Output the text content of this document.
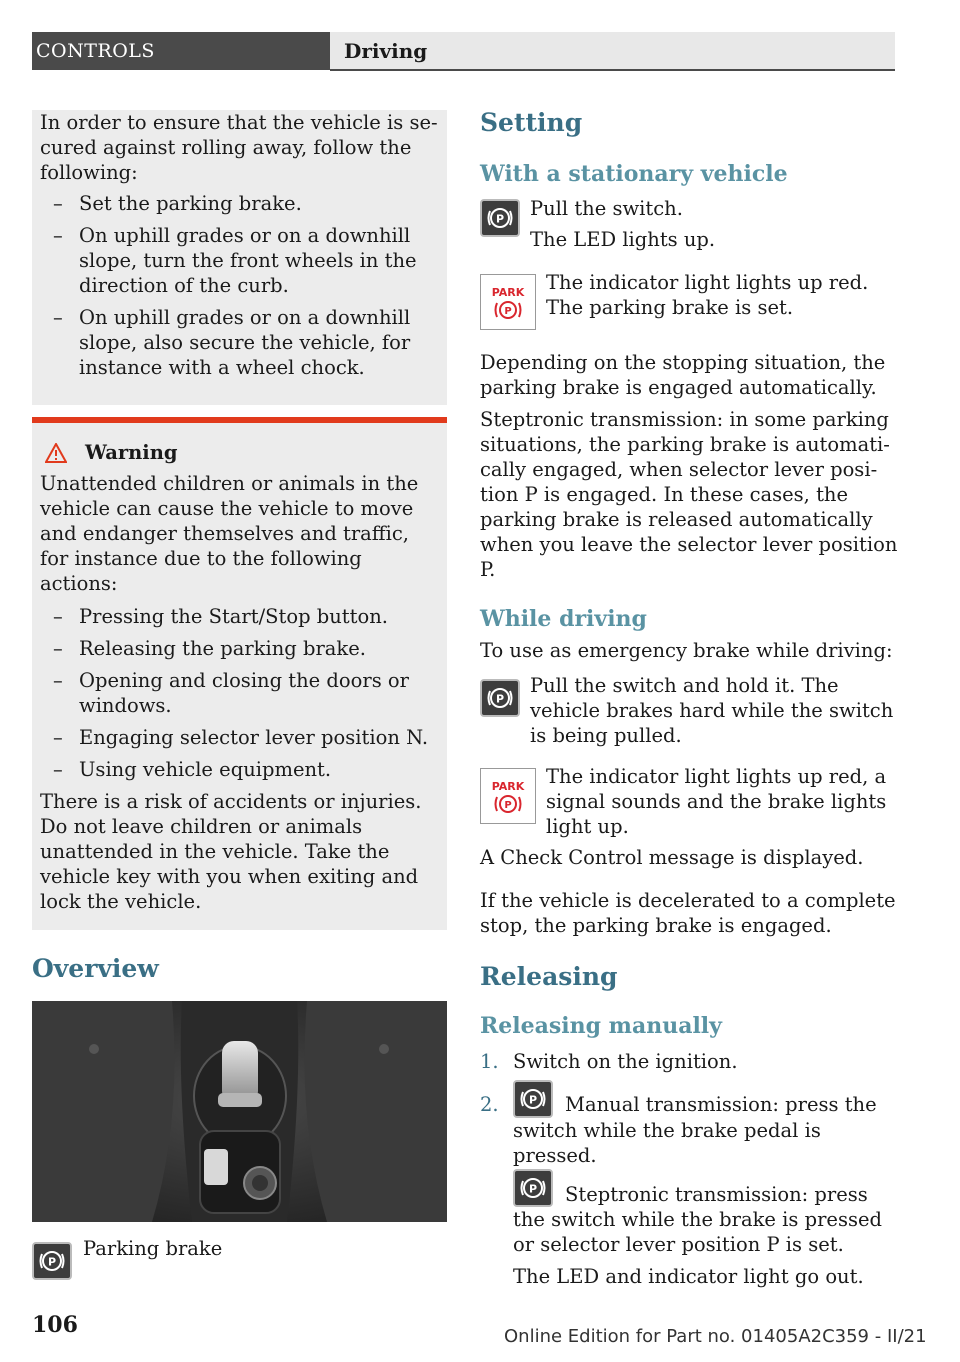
CONTROLS	Driving

In order to ensure that the vehicle is secured against rolling away, follow the following:

– Set the parking brake.
– On uphill grades or on a downhill slope, turn the front wheels in the direction of the curb.
– On uphill grades or on a downhill slope, also secure the vehicle, for instance with a wheel chock.
Warning

Unattended children or animals in the vehicle can cause the vehicle to move and endanger themselves and traffic, for instance due to the following actions:

– Pressing the Start/Stop button.
– Releasing the parking brake.
– Opening and closing the doors or windows.
– Engaging selector lever position N.
– Using vehicle equipment.

There is a risk of accidents or injuries. Do not leave children or animals unattended in the vehicle. Take the vehicle key with you when exiting and lock the vehicle.

Overview
P

Parking brake

Setting
With a stationary vehicle
P Pull the switch.

The LED lights up.

PARK
P

The indicator light lights up red. The parking brake is set.

Depending on the stopping situation, the parking brake is engaged automatically.

Steptronic transmission: in some parking situations, the parking brake is automatically engaged, when selector lever position P is engaged. In these cases, the parking brake is released automatically when you leave the selector lever position P.

While driving

To use as emergency brake while driving:

P

Pull the switch and hold it. The vehicle brakes hard while the switch is being pulled.

PARK
P

The indicator light lights up red, a signal sounds and the brake lights light up.

A Check Control message is displayed.

If the vehicle is decelerated to a complete stop, the parking brake is engaged.

Releasing
Releasing manually
1. Switch on the ignition.
2.	P Manual transmission: press the switch while the brake pedal is pressed.

P Steptronic transmission: press the switch while the brake is pressed or selector lever position P is set.

The LED and indicator light go out.

106	Online Edition for Part no. 01405A2C359 - II/21
